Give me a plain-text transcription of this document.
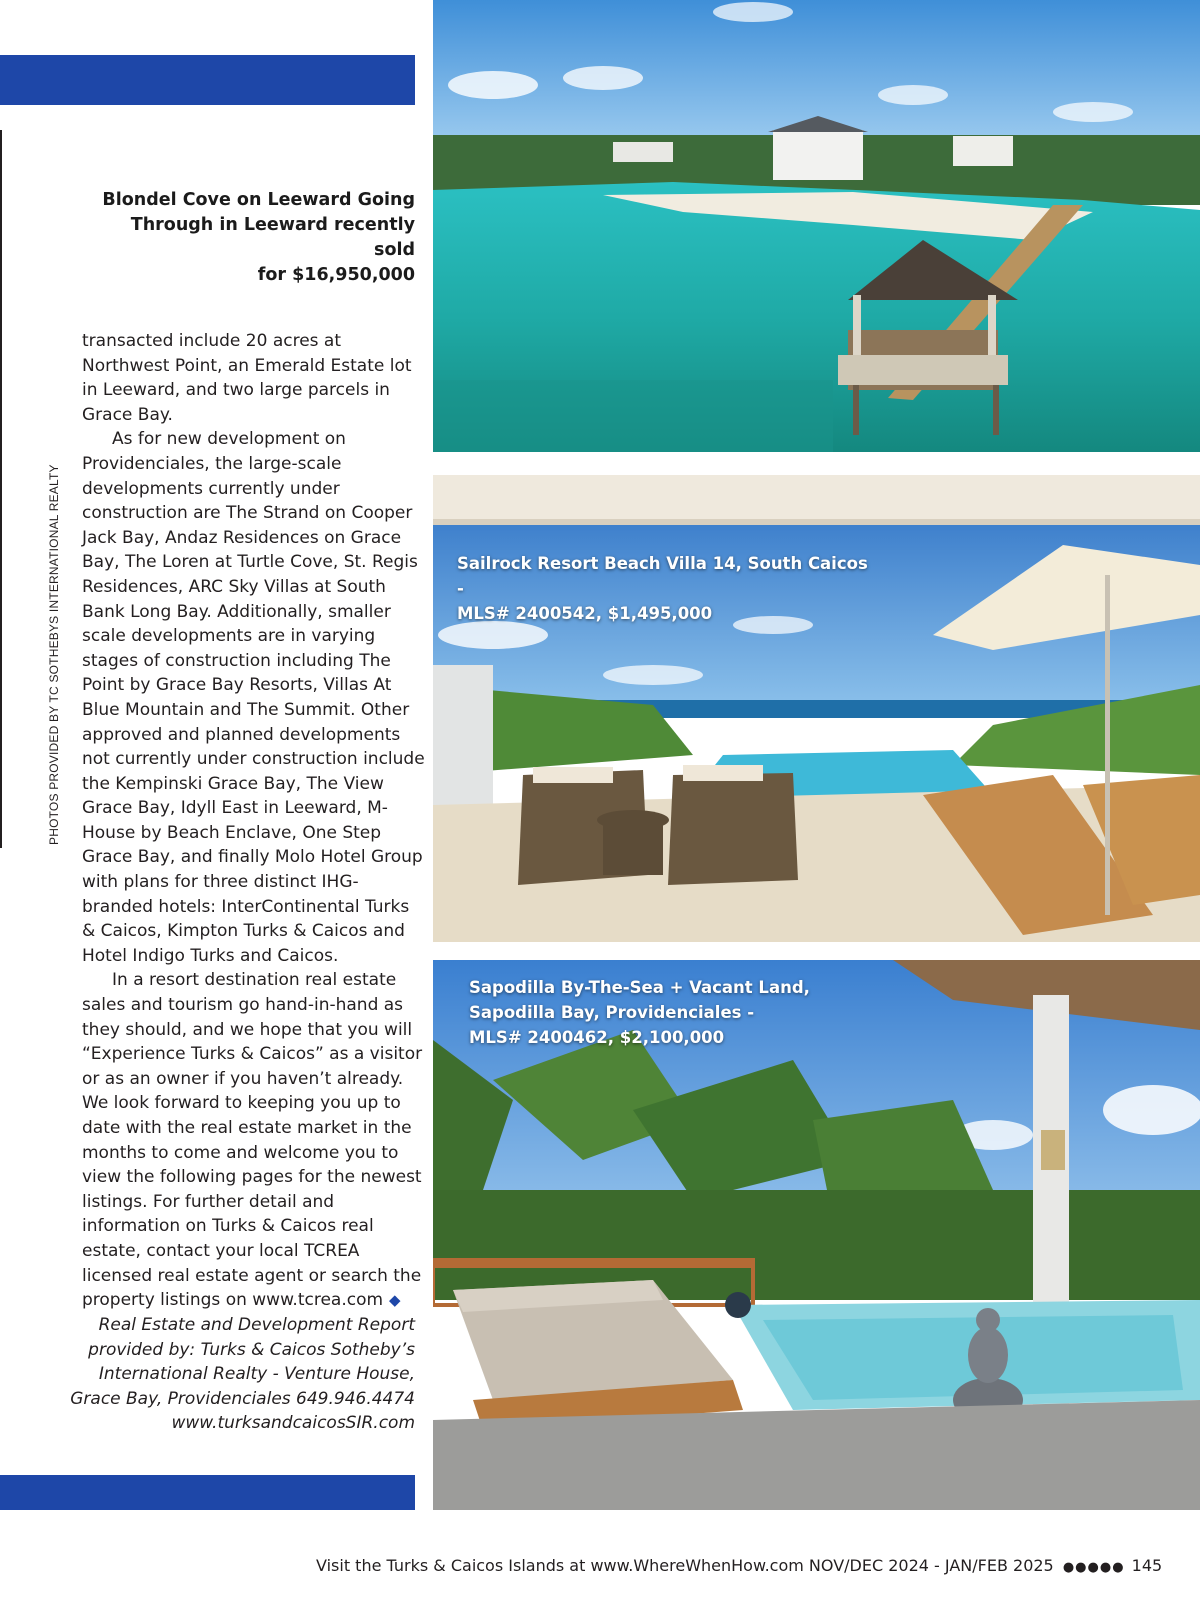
PHOTOS PROVIDED BY TC SOTHEBYS INTERNATIONAL REALTY
Blondel Cove on Leeward Going
Through in Leeward recently sold
for $16,950,000

transacted include 20 acres at Northwest Point, an Emerald Estate lot in Leeward, and two large parcels in Grace Bay.

As for new development on Providenciales, the large-scale developments currently under construction are The Strand on Cooper Jack Bay, Andaz Residences on Grace Bay, The Loren at Turtle Cove, St. Regis Residences, ARC Sky Villas at South Bank Long Bay. Additionally, smaller scale developments are in varying stages of construction including The Point by Grace Bay Resorts, Villas At Blue Mountain and The Summit. Other approved and planned developments not currently under construction include the Kempinski Grace Bay, The View Grace Bay, Idyll East in Leeward, M-House by Beach Enclave, One Step Grace Bay, and finally Molo Hotel Group with plans for three distinct IHG-branded hotels: InterContinental Turks & Caicos, Kimpton Turks & Caicos and Hotel Indigo Turks and Caicos.

In a resort destination real estate sales and tourism go hand-in-hand as they should, and we hope that you will “Experience Turks & Caicos” as a visitor or as an owner if you haven’t already. We look forward to keeping you up to date with the real estate market in the months to come and welcome you to view the following pages for the newest listings. For further detail and information on Turks & Caicos real estate, contact your local TCREA licensed real estate agent or search the property listings on www.tcrea.com ◆

Real Estate and Development Report
provided by: Turks & Caicos Sotheby’s
International Realty - Venture House,
Grace Bay, Providenciales 649.946.4474
www.turksandcaicosSIR.com
Sailrock Resort Beach Villa 14, South Caicos -
MLS# 2400542, $1,495,000
Sapodilla By-The-Sea + Vacant Land,
Sapodilla Bay, Providenciales -
MLS# 2400462, $2,100,000
Visit the Turks & Caicos Islands at www.WhereWhenHow.com NOV/DEC 2024 - JAN/FEB 2025 ●●●●● 145
